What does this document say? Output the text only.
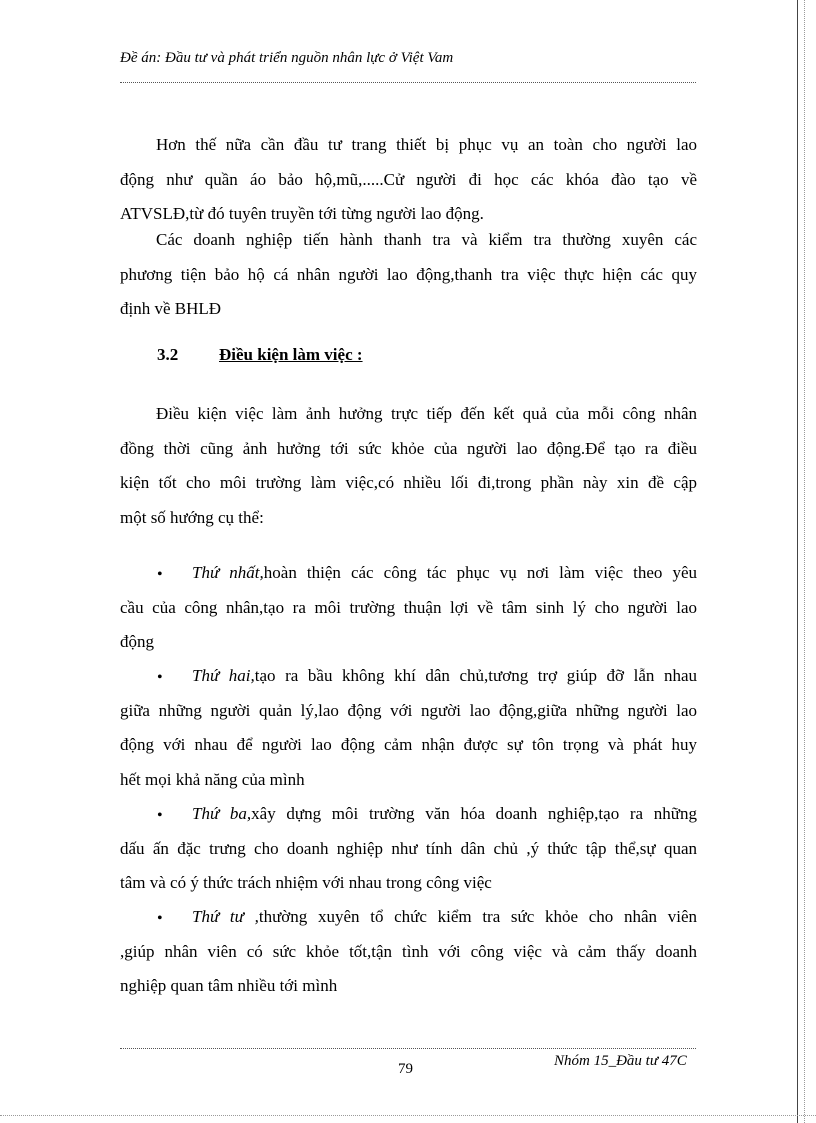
Đề án: Đầu tư và phát triển nguồn nhân lực ở Việt Vam
Hơn thế nữa cần đầu tư trang thiết bị phục vụ an toàn cho người lao
động như quần áo bảo hộ,mũ,.....Cử người đi học các khóa đào tạo về
ATVSLĐ,từ đó tuyên truyền tới từng người lao động.
Các doanh nghiệp tiến hành thanh tra và kiểm tra thường xuyên các
phương tiện bảo hộ cá nhân người lao động,thanh tra việc thực hiện các quy
định về BHLĐ
3.2 Điều kiện làm việc :
Điều kiện việc làm ảnh hưởng trực tiếp đến kết quả của mỗi công nhân
đồng thời cũng ảnh hưởng tới sức khỏe của người lao động.Để tạo ra điều
kiện tốt cho môi trường làm việc,có nhiều lối đi,trong phần này xin đề cập
một số hướng cụ thể:
•	Thứ nhất,hoàn thiện các công tác phục vụ nơi làm việc theo yêu
cầu của công nhân,tạo ra môi trường thuận lợi về tâm sinh lý cho người lao
động
•	Thứ hai,tạo ra bầu không khí dân chủ,tương trợ giúp đỡ lẫn nhau
giữa những người quản lý,lao động với người lao động,giữa những người lao
động với nhau để người lao động cảm nhận được sự tôn trọng và phát huy
hết mọi khả năng của mình
•	Thứ ba,xây dựng môi trường văn hóa doanh nghiệp,tạo ra những
dấu ấn đặc trưng cho doanh nghiệp như tính dân chủ ,ý thức tập thể,sự quan
tâm và có ý thức trách nhiệm với nhau trong công việc
•	Thứ tư ,thường xuyên tổ chức kiểm tra sức khỏe cho nhân viên
,giúp nhân viên có sức khỏe tốt,tận tình với công việc và cảm thấy doanh
nghiệp quan tâm nhiều tới mình
79	Nhóm 15_Đầu tư 47C
